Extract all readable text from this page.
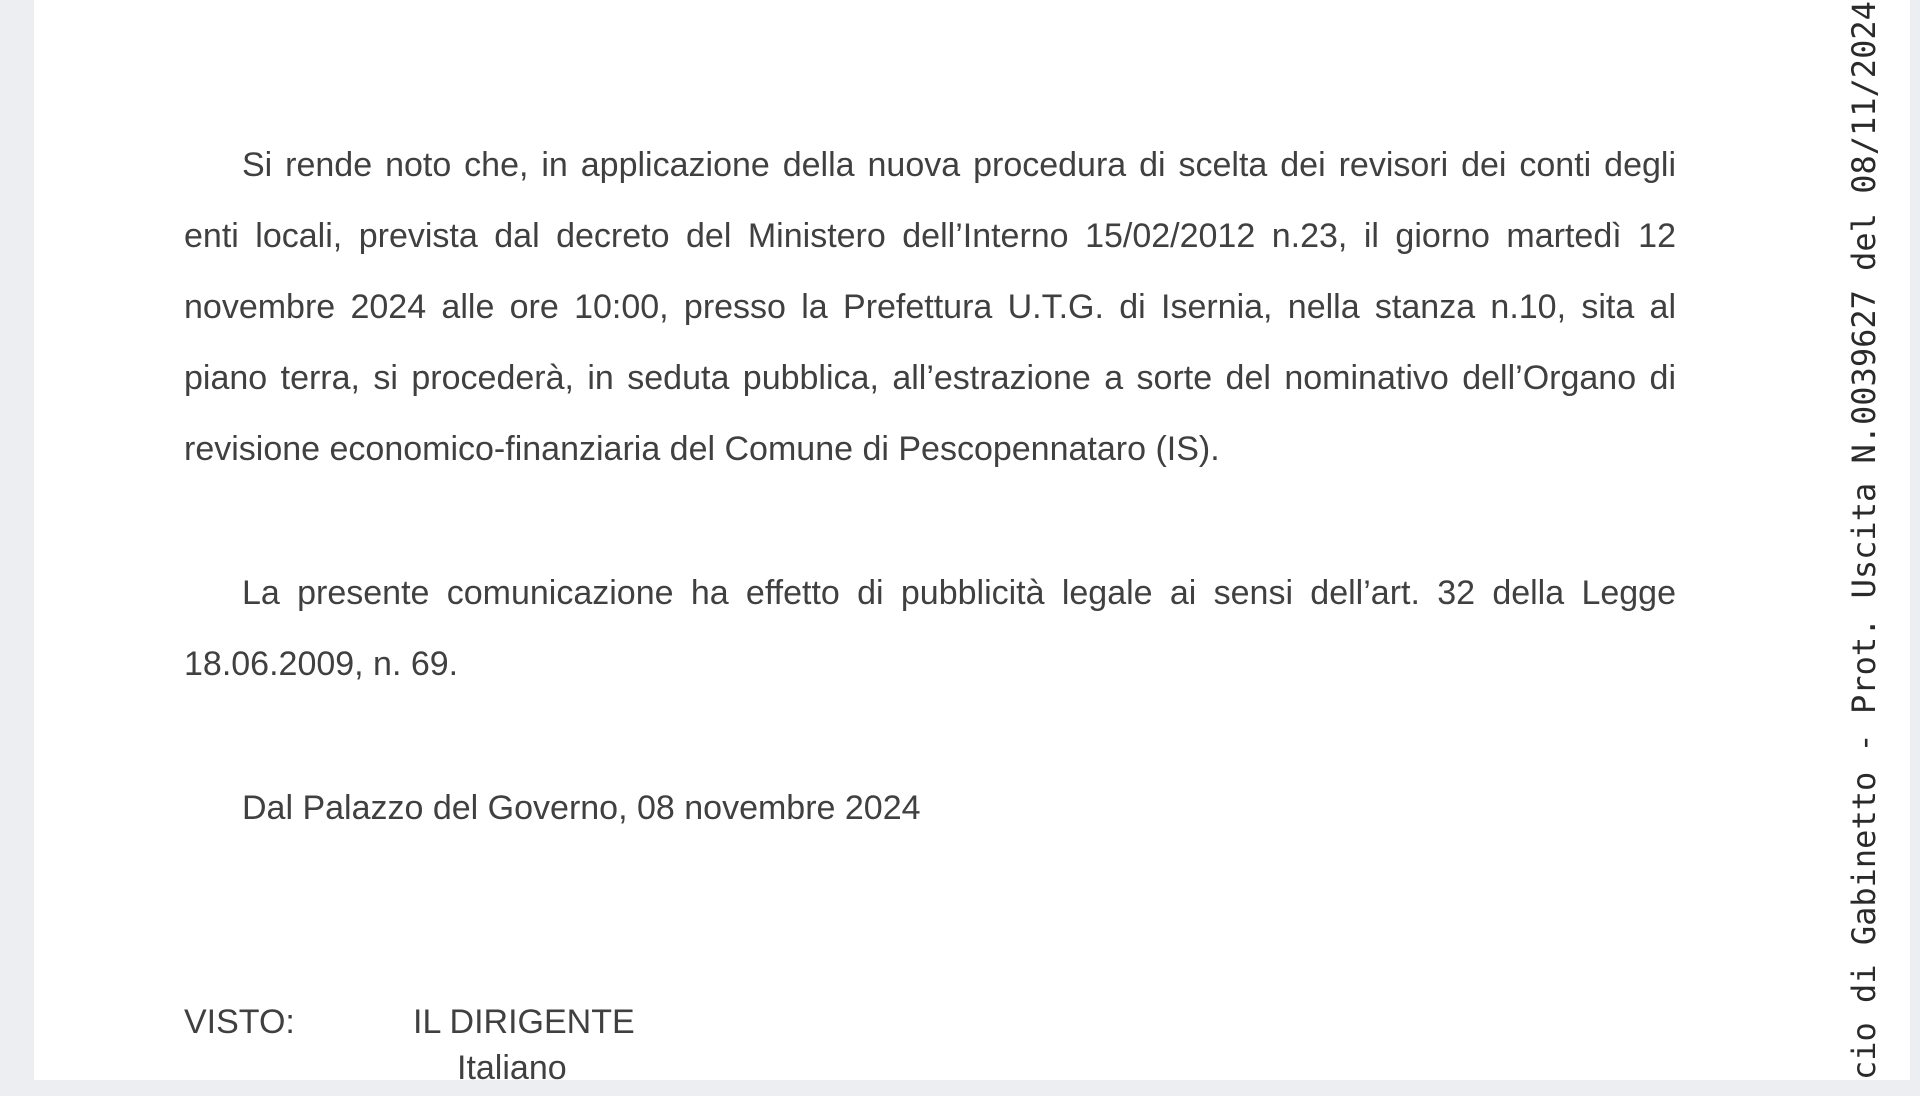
Si rende noto che, in applicazione della nuova procedura di scelta dei revisori dei conti degli enti locali, prevista dal decreto del Ministero dell’Interno 15/02/2012 n.23, il giorno martedì 12 novembre 2024 alle ore 10:00, presso la Prefettura U.T.G. di Isernia, nella stanza n.10, sita al piano terra, si procederà, in seduta pubblica, all’estrazione a sorte del nominativo dell’Organo di revisione economico-finanziaria del Comune di Pescopennataro (IS).

La presente comunicazione ha effetto di pubblicità legale ai sensi dell’art. 32 della Legge 18.06.2009, n. 69.

Dal Palazzo del Governo, 08 novembre 2024

VISTO:	IL DIRIGENTE
Italiano	cio di Gabinetto - Prot. Uscita N.0039627 del 08/11/2024
